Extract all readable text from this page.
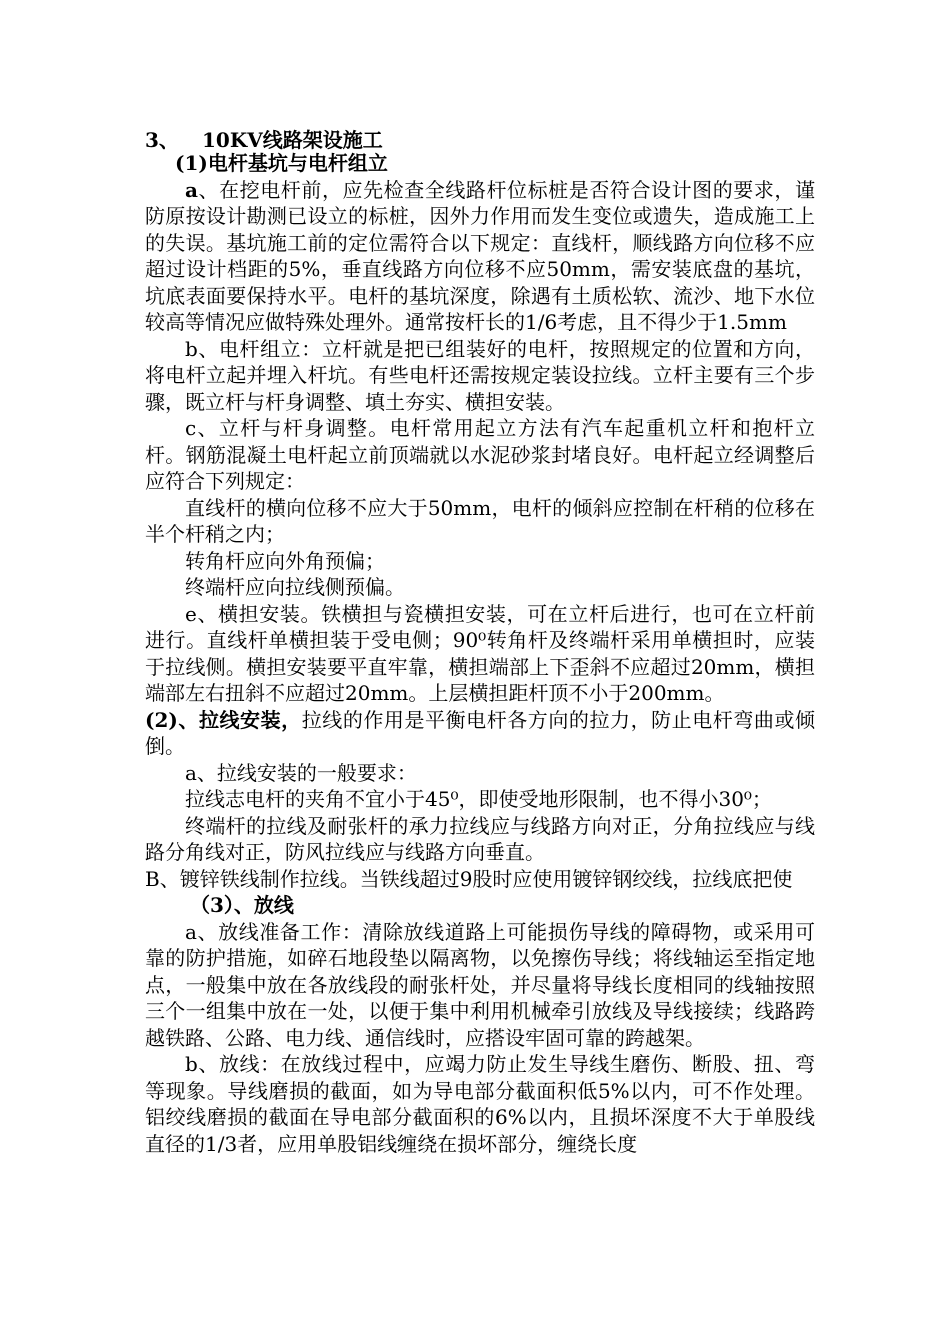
3、 10KV线路架设施工

(1)电杆基坑与电杆组立

a、在挖电杆前，应先检查全线路杆位标桩是否符合设计图的要求，谨防原按设计勘测已设立的标桩，因外力作用而发生变位或遗失，造成施工上的失误。基坑施工前的定位需符合以下规定：直线杆，顺线路方向位移不应超过设计档距的5%，垂直线路方向位移不应50mm，需安装底盘的基坑，坑底表面要保持水平。电杆的基坑深度，除遇有土质松软、流沙、地下水位较高等情况应做特殊处理外。通常按杆长的1/6考虑，且不得少于1.5mm

b、电杆组立：立杆就是把已组装好的电杆，按照规定的位置和方向，将电杆立起并埋入杆坑。有些电杆还需按规定装设拉线。立杆主要有三个步骤，既立杆与杆身调整、填土夯实、横担安装。

c、立杆与杆身调整。电杆常用起立方法有汽车起重机立杆和抱杆立杆。钢筋混凝土电杆起立前顶端就以水泥砂浆封堵良好。电杆起立经调整后应符合下列规定：

直线杆的横向位移不应大于50mm，电杆的倾斜应控制在杆稍的位移在半个杆稍之内；

转角杆应向外角预偏；

终端杆应向拉线侧预偏。

e、横担安装。铁横担与瓷横担安装，可在立杆后进行，也可在立杆前进行。直线杆单横担装于受电侧；90⁰转角杆及终端杆采用单横担时，应装于拉线侧。横担安装要平直牢靠，横担端部上下歪斜不应超过20mm，横担端部左右扭斜不应超过20mm。上层横担距杆顶不小于200mm。

(2)、拉线安装，拉线的作用是平衡电杆各方向的拉力，防止电杆弯曲或倾倒。

a、拉线安装的一般要求：

拉线志电杆的夹角不宜小于45⁰，即使受地形限制，也不得小30⁰；

终端杆的拉线及耐张杆的承力拉线应与线路方向对正，分角拉线应与线路分角线对正，防风拉线应与线路方向垂直。

B、镀锌铁线制作拉线。当铁线超过9股时应使用镀锌钢绞线，拉线底把使

（3）、放线

a、放线准备工作：清除放线道路上可能损伤导线的障碍物，或采用可靠的防护措施，如碎石地段垫以隔离物，以免擦伤导线；将线轴运至指定地点，一般集中放在各放线段的耐张杆处，并尽量将导线长度相同的线轴按照三个一组集中放在一处，以便于集中利用机械牵引放线及导线接续；线路跨越铁路、公路、电力线、通信线时，应搭设牢固可靠的跨越架。

b、放线：在放线过程中，应竭力防止发生导线生磨伤、断股、扭、弯等现象。导线磨损的截面，如为导电部分截面积低5%以内，可不作处理。铝绞线磨损的截面在导电部分截面积的6%以内，且损坏深度不大于单股线直径的1/3者，应用单股铝线缠绕在损坏部分，缠绕长度
